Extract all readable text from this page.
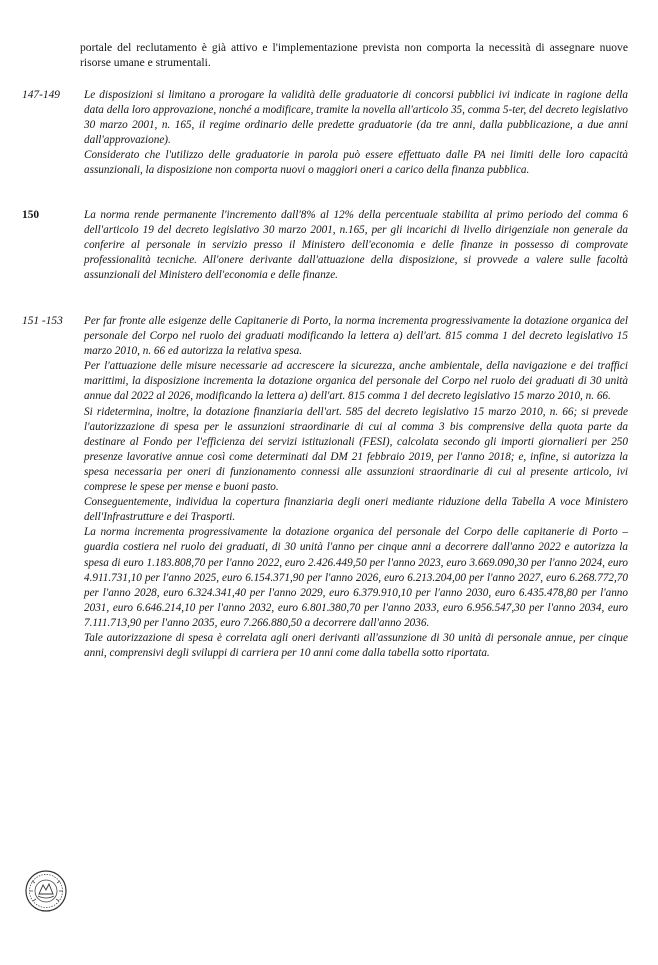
portale del reclutamento è già attivo e l'implementazione prevista non comporta la necessità di assegnare nuove risorse umane e strumentali.

147-149 Le disposizioni si limitano a prorogare la validità delle graduatorie di concorsi pubblici ivi indicate in ragione della data della loro approvazione, nonché a modificare, tramite la novella all'articolo 35, comma 5-ter, del decreto legislativo 30 marzo 2001, n. 165, il regime ordinario delle predette graduatorie (da tre anni, dalla pubblicazione, a due anni dall'approvazione).

Considerato che l'utilizzo delle graduatorie in parola può essere effettuato dalle PA nei limiti delle loro capacità assunzionali, la disposizione non comporta nuovi o maggiori oneri a carico della finanza pubblica.

150	La norma rende permanente l'incremento dall'8% al 12% della percentuale stabilita al primo periodo del comma 6 dell'articolo 19 del decreto legislativo 30 marzo 2001, n.165, per gli incarichi di livello dirigenziale non generale da conferire al personale in servizio presso il Ministero dell'economia e delle finanze in possesso di comprovate professionalità tecniche. All'onere derivante dall'attuazione della disposizione, si provvede a valere sulle facoltà assunzionali del Ministero dell'economia e delle finanze.

151 -153 Per far fronte alle esigenze delle Capitanerie di Porto, la norma incrementa progressivamente la dotazione organica del personale del Corpo nel ruolo dei graduati modificando la lettera a) dell'art. 815 comma 1 del decreto legislativo 15 marzo 2010, n. 66 ed autorizza la relativa spesa.

Per l'attuazione delle misure necessarie ad accrescere la sicurezza, anche ambientale, della navigazione e dei traffici marittimi, la disposizione incrementa la dotazione organica del personale del Corpo nel ruolo dei graduati di 30 unità annue dal 2022 al 2026, modificando la lettera a) dell'art. 815 comma 1 del decreto legislativo 15 marzo 2010, n. 66.

Si ridetermina, inoltre, la dotazione finanziaria dell'art. 585 del decreto legislativo 15 marzo 2010, n. 66; si prevede l'autorizzazione di spesa per le assunzioni straordinarie di cui al comma 3 bis comprensive della quota parte da destinare al Fondo per l'efficienza dei servizi istituzionali (FESI), calcolata secondo gli importi giornalieri per 250 presenze lavorative annue così come determinati dal DM 21 febbraio 2019, per l'anno 2018; e, infine, si autorizza la spesa necessaria per oneri di funzionamento connessi alle assunzioni straordinarie di cui al presente articolo, ivi comprese le spese per mense e buoni pasto.

Conseguentemente, individua la copertura finanziaria degli oneri mediante riduzione della Tabella A voce Ministero dell'Infrastrutture e dei Trasporti.

La norma incrementa progressivamente la dotazione organica del personale del Corpo delle capitanerie di Porto – guardia costiera nel ruolo dei graduati, di 30 unità l'anno per cinque anni a decorrere dall'anno 2022 e autorizza la spesa di euro 1.183.808,70 per l'anno 2022, euro 2.426.449,50 per l'anno 2023, euro 3.669.090,30 per l'anno 2024, euro 4.911.731,10 per l'anno 2025, euro 6.154.371,90 per l'anno 2026, euro 6.213.204,00 per l'anno 2027, euro 6.268.772,70 per l'anno 2028, euro 6.324.341,40 per l'anno 2029, euro 6.379.910,10 per l'anno 2030, euro 6.435.478,80 per l'anno 2031, euro 6.646.214,10 per l'anno 2032, euro 6.801.380,70 per l'anno 2033, euro 6.956.547,30 per l'anno 2034, euro 7.111.713,90 per l'anno 2035, euro 7.266.880,50 a decorrere dall'anno 2036.

Tale autorizzazione di spesa è correlata agli oneri derivanti all'assunzione di 30 unità di personale annue, per cinque anni, comprensivi degli sviluppi di carriera per 10 anni come dalla tabella sotto riportata.
